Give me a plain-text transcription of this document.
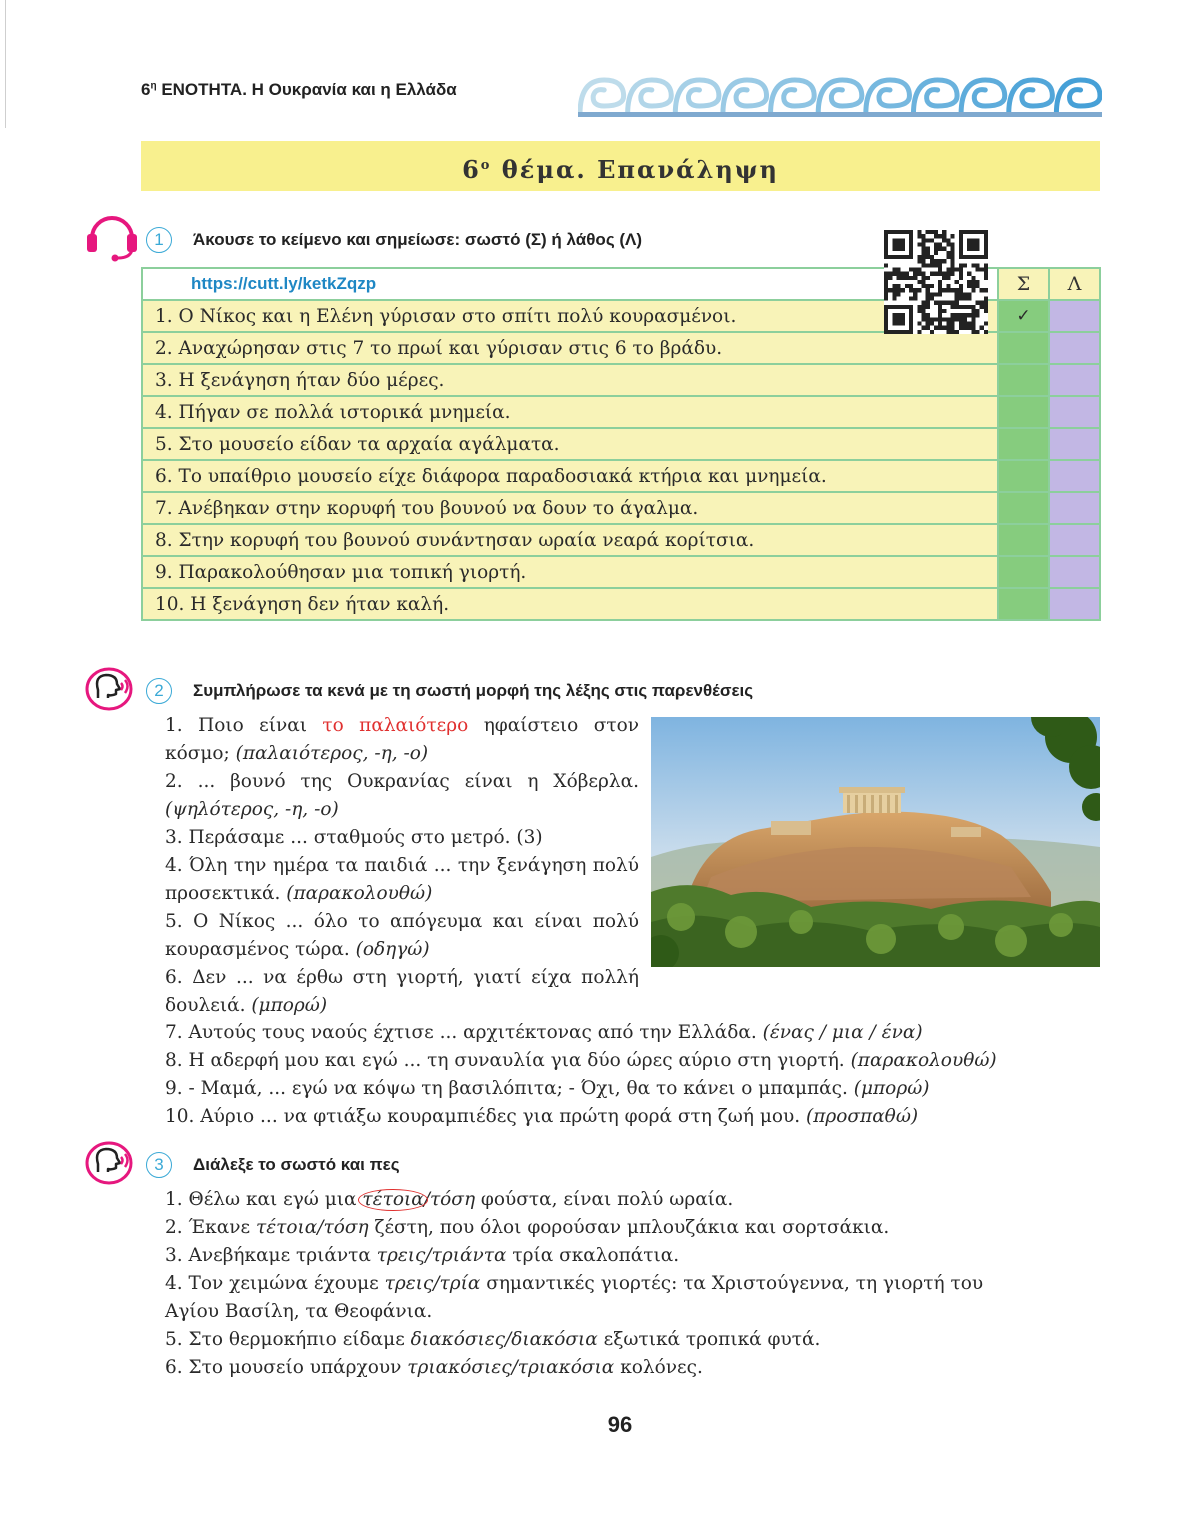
$6^\eta$ ΕΝΟΤΗΤΑ. Η Ουκρανία και η Ελλάδα
$6^o$ θέμα. Επανάληψη
1	Άκουσε το κείμενο και σημείωσε: σωστό (Σ) ή λάθος (Λ)
https://cutt.ly/ketkZqzp	Σ	Λ
1. Ο Νίκος και η Ελένη γύρισαν στο σπίτι πολύ κουρασμένοι.	✓	
2. Αναχώρησαν στις 7 το πρωί και γύρισαν στις 6 το βράδυ.		
3. Η ξενάγηση ήταν δύο μέρες.		
4. Πήγαν σε πολλά ιστορικά μνημεία.		
5. Στο μουσείο είδαν τα αρχαία αγάλματα.		
6. Το υπαίθριο μουσείο είχε διάφορα παραδοσιακά κτήρια και μνημεία.		
7. Ανέβηκαν στην κορυφή του βουνού να δουν το άγαλμα.		
8. Στην κορυφή του βουνού συνάντησαν ωραία νεαρά κορίτσια.		
9. Παρακολούθησαν μια τοπική γιορτή.		
10. Η ξενάγηση δεν ήταν καλή.		
2	Συμπλήρωσε τα κενά με τη σωστή μορφή της λέξης στις παρενθέσεις
1. Ποιο είναι το παλαιότερο ηφαίστειο στον κόσμο; (παλαιότερος, -η, -ο)
2. ... βουνό της Ουκρανίας είναι η Χόβερλα. (ψηλότερος, -η, -ο)
3. Περάσαμε ... σταθμούς στο μετρό. (3)
4. Όλη την ημέρα τα παιδιά ... την ξενάγηση πολύ προσεκτικά. (παρακολουθώ)
5. Ο Νίκος ... όλο το απόγευμα και είναι πολύ κουρασμένος τώρα. (οδηγώ)
6. Δεν ... να έρθω στη γιορτή, γιατί είχα πολλή δουλειά. (μπορώ)
7. Αυτούς τους ναούς έχτισε ... αρχιτέκτονας από την Ελλάδα. (ένας / μια / ένα)
8. Η αδερφή μου και εγώ ... τη συναυλία για δύο ώρες αύριο στη γιορτή. (παρακολουθώ)
9. - Μαμά, ... εγώ να κόψω τη βασιλόπιτα; - Όχι, θα το κάνει ο μπαμπάς. (μπορώ)
10. Αύριο ... να φτιάξω κουραμπιέδες για πρώτη φορά στη ζωή μου. (προσπαθώ)
3	Διάλεξε το σωστό και πες
1. Θέλω και εγώ μια τέτοια/τόση φούστα, είναι πολύ ωραία.
2. Έκανε τέτοια/τόση ζέστη, που όλοι φορούσαν μπλουζάκια και σορτσάκια.
3. Ανεβήκαμε τριάντα τρεις/τριάντα τρία σκαλοπάτια.
4. Τον χειμώνα έχουμε τρεις/τρία σημαντικές γιορτές: τα Χριστούγεννα, τη γιορτή του
Αγίου Βασίλη, τα Θεοφάνια.
5. Στο θερμοκήπιο είδαμε διακόσιες/διακόσια εξωτικά τροπικά φυτά.
6. Στο μουσείο υπάρχουν τριακόσιες/τριακόσια κολόνες.
96
